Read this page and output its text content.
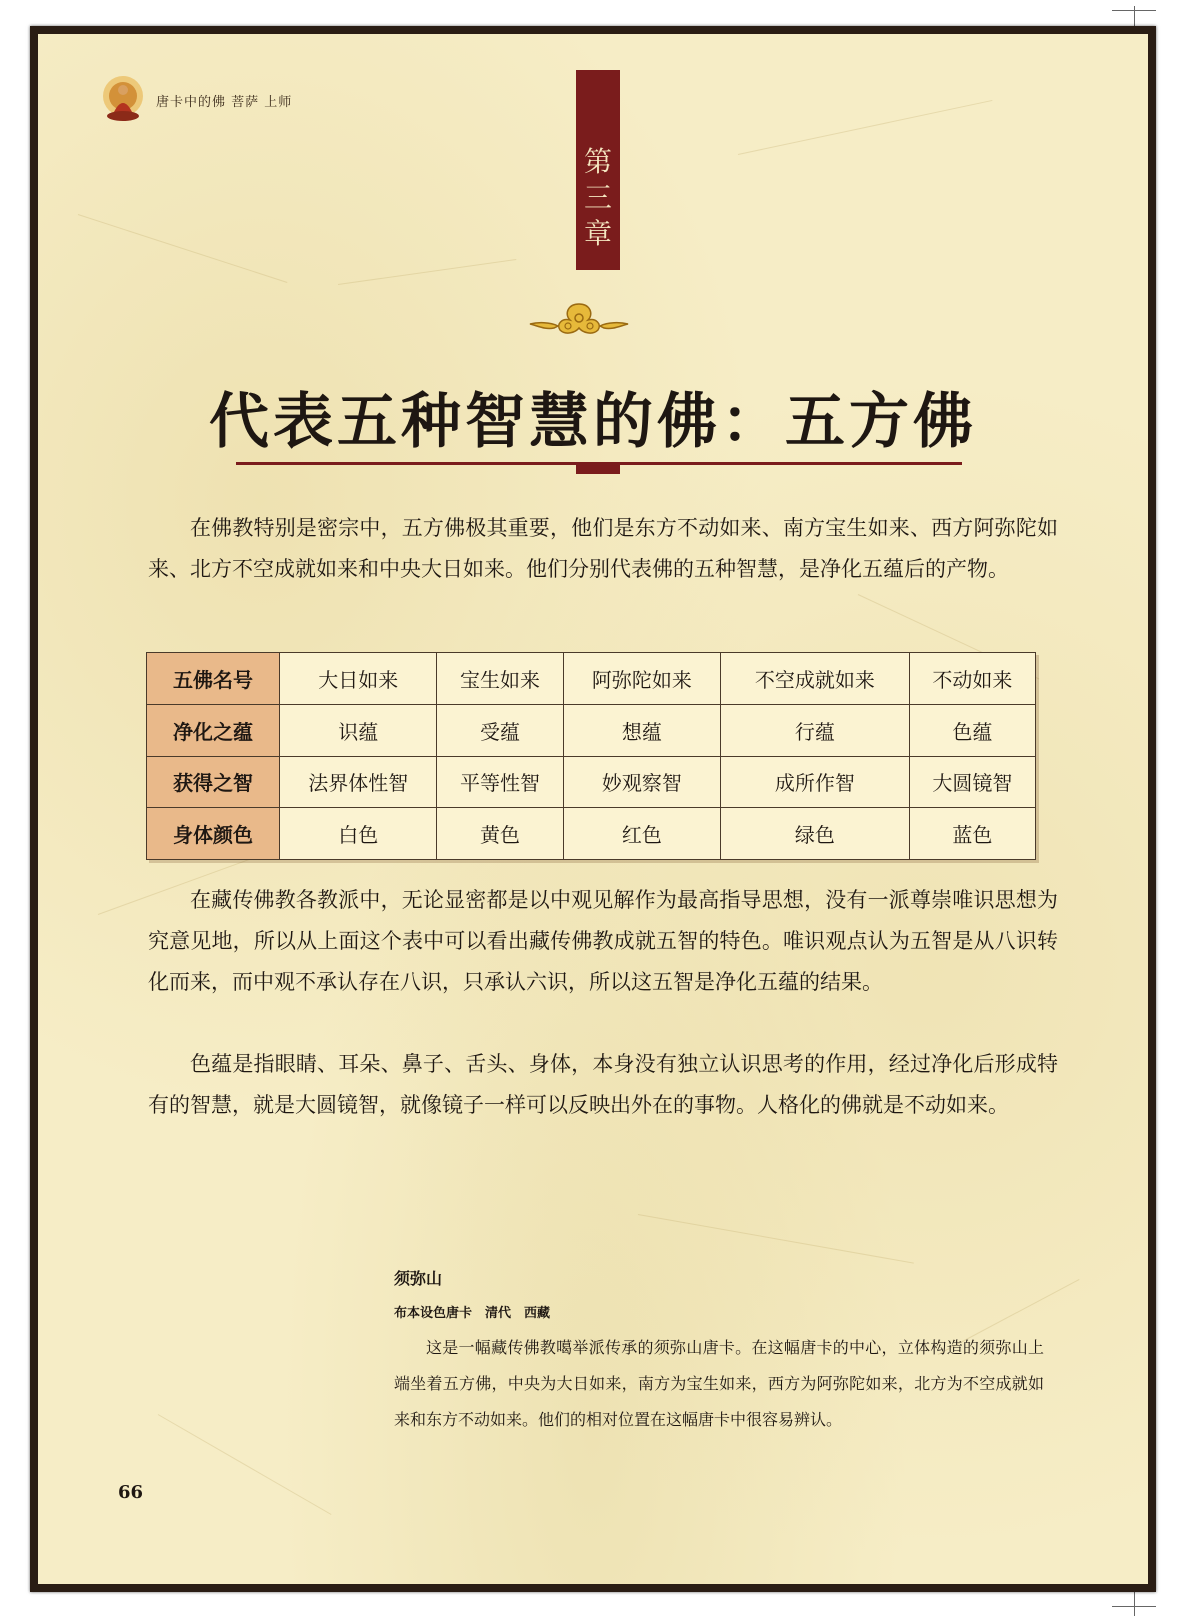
唐卡中的佛 菩萨 上师
第
三
章
代表五种智慧的佛：五方佛

在佛教特别是密宗中，五方佛极其重要，他们是东方不动如来、南方宝生如来、西方阿弥陀如来、北方不空成就如来和中央大日如来。他们分别代表佛的五种智慧，是净化五蕴后的产物。

五佛名号	大日如来	宝生如来	阿弥陀如来	不空成就如来	不动如来
净化之蕴	识蕴	受蕴	想蕴	行蕴	色蕴
获得之智	法界体性智	平等性智	妙观察智	成所作智	大圆镜智
身体颜色	白色	黄色	红色	绿色	蓝色

在藏传佛教各教派中，无论显密都是以中观见解作为最高指导思想，没有一派尊崇唯识思想为究意见地，所以从上面这个表中可以看出藏传佛教成就五智的特色。唯识观点认为五智是从八识转化而来，而中观不承认存在八识，只承认六识，所以这五智是净化五蕴的结果。

色蕴是指眼睛、耳朵、鼻子、舌头、身体，本身没有独立认识思考的作用，经过净化后形成特有的智慧，就是大圆镜智，就像镜子一样可以反映出外在的事物。人格化的佛就是不动如来。

须弥山
布本设色唐卡　清代　西藏

这是一幅藏传佛教噶举派传承的须弥山唐卡。在这幅唐卡的中心，立体构造的须弥山上端坐着五方佛，中央为大日如来，南方为宝生如来，西方为阿弥陀如来，北方为不空成就如来和东方不动如来。他们的相对位置在这幅唐卡中很容易辨认。

66
